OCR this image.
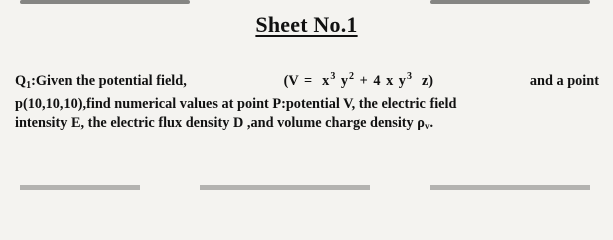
Sheet No.1
$Q_1:Given$ the potential field,	($V = x^3$ $y^2 + 4$ x $y^3$ z)	and a point
p(10,10,10),find numerical values at point P:potential V, the electric field
intensity E, the electric flux density D ,and volume charge density ρv.
